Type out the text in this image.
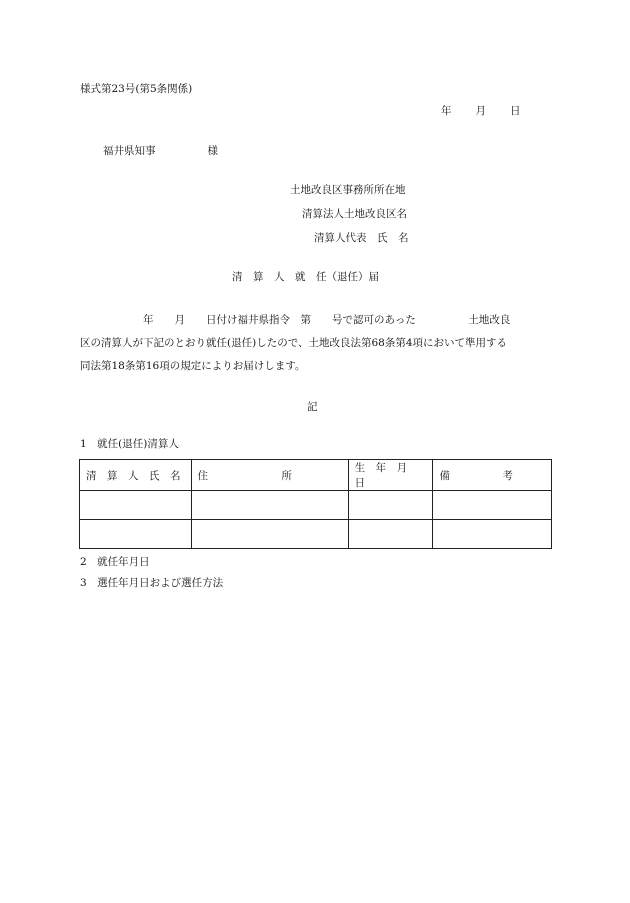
様式第23号(第5条関係)
年 月 日
福井県知事	様
土地改良区事務所所在地
清算法人土地改良区名
清算人代表　氏　名
清　算　人　就　任（退任）届
　　　　　　年　　月　　日付け福井県指令　第　　号で認可のあった　　　　　土地改良
区の清算人が下記のとおり就任(退任)したので、土地改良法第68条第4項において準用する
同法第18条第16項の規定によりお届けします。
記
1　就任(退任)清算人
清　算　人　氏　名	住　　　　　　　所	生　年　月　日	備　　　　　考

2　就任年月日
3　選任年月日および選任方法
